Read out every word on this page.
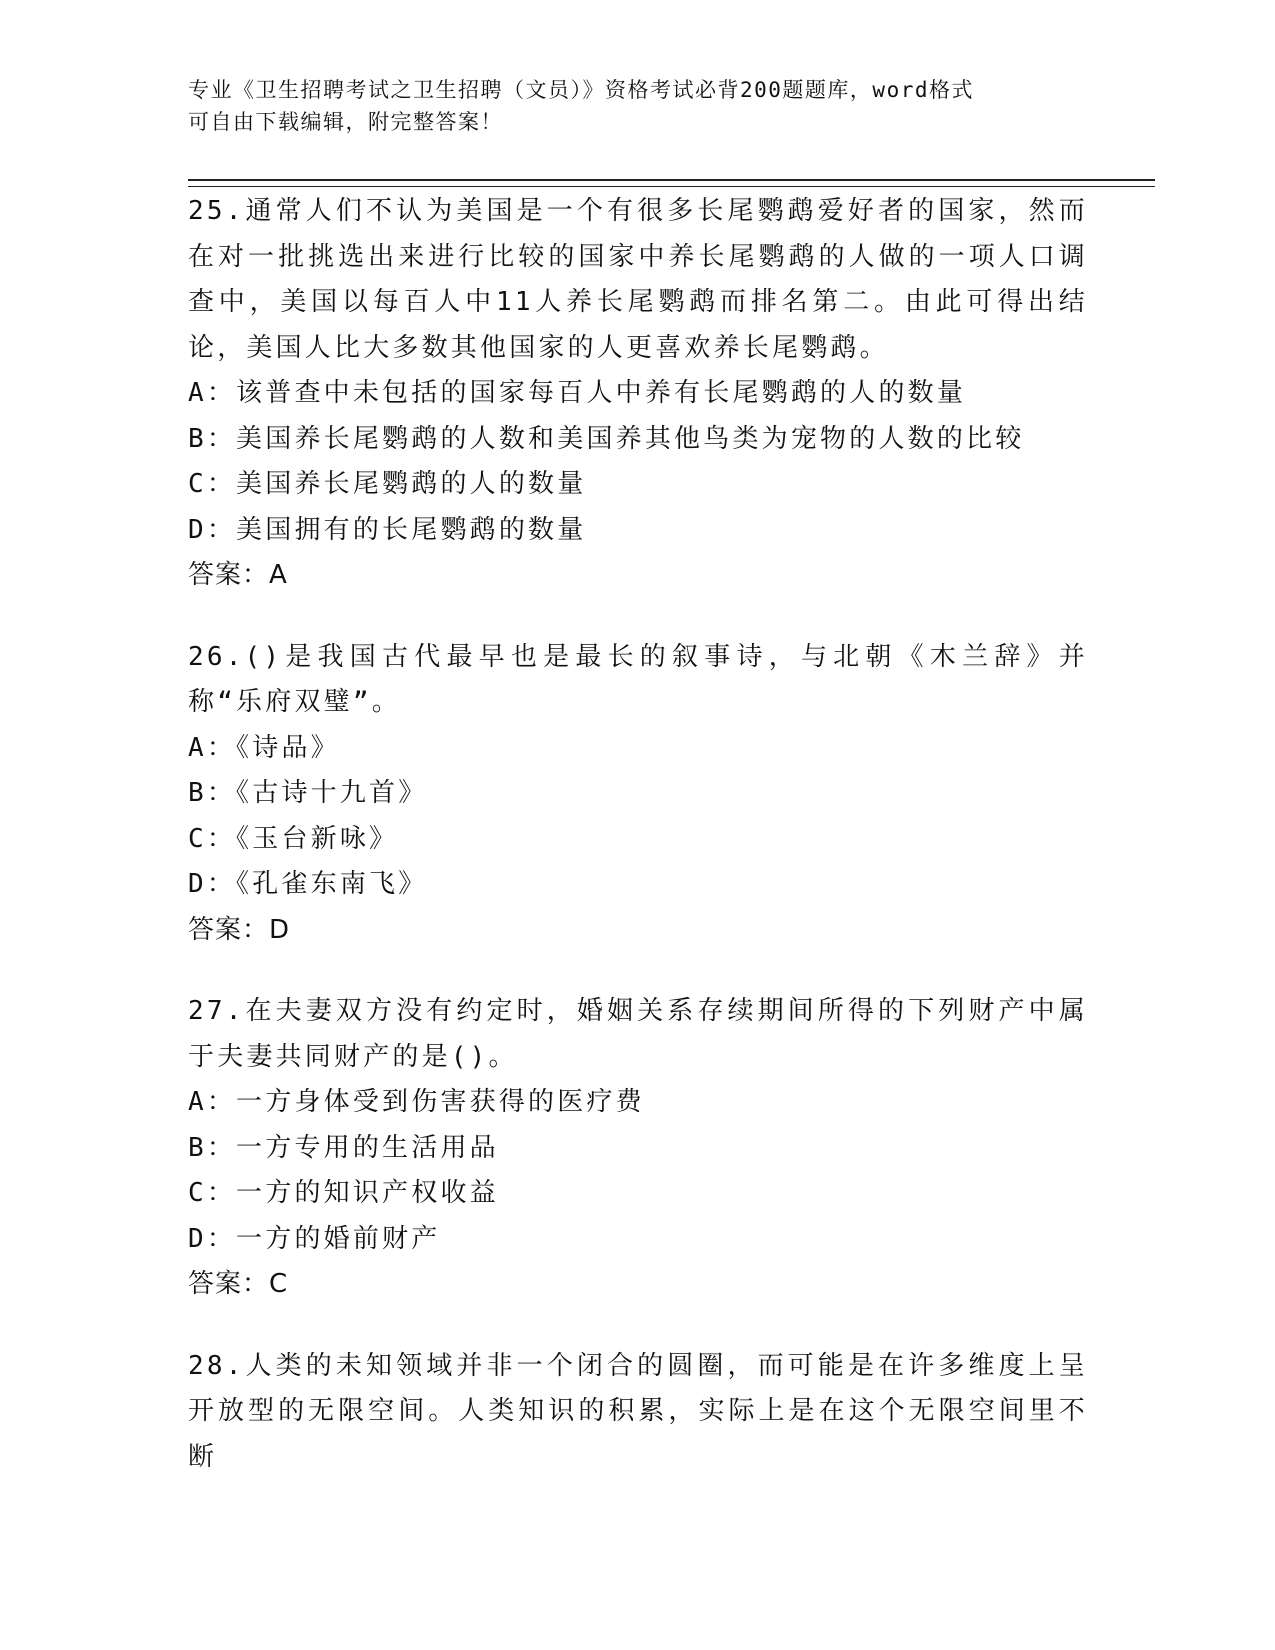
专业《卫生招聘考试之卫生招聘（文员）》资格考试必背200题题库，word格式
可自由下载编辑，附完整答案！
25.通常人们不认为美国是一个有很多长尾鹦鹉爱好者的国家，然而在对一批挑选出来进行比较的国家中养长尾鹦鹉的人做的一项人口调查中，美国以每百人中11人养长尾鹦鹉而排名第二。由此可得出结论，美国人比大多数其他国家的人更喜欢养长尾鹦鹉。
A：该普查中未包括的国家每百人中养有长尾鹦鹉的人的数量
B：美国养长尾鹦鹉的人数和美国养其他鸟类为宠物的人数的比较
C：美国养长尾鹦鹉的人的数量
D：美国拥有的长尾鹦鹉的数量
答案：A
26.()是我国古代最早也是最长的叙事诗，与北朝《木兰辞》并称“乐府双璧”。
A：《诗品》
B：《古诗十九首》
C：《玉台新咏》
D：《孔雀东南飞》
答案：D
27.在夫妻双方没有约定时，婚姻关系存续期间所得的下列财产中属于夫妻共同财产的是()。
A：一方身体受到伤害获得的医疗费
B：一方专用的生活用品
C：一方的知识产权收益
D：一方的婚前财产
答案：C
28.人类的未知领域并非一个闭合的圆圈，而可能是在许多维度上呈开放型的无限空间。人类知识的积累，实际上是在这个无限空间里不断
